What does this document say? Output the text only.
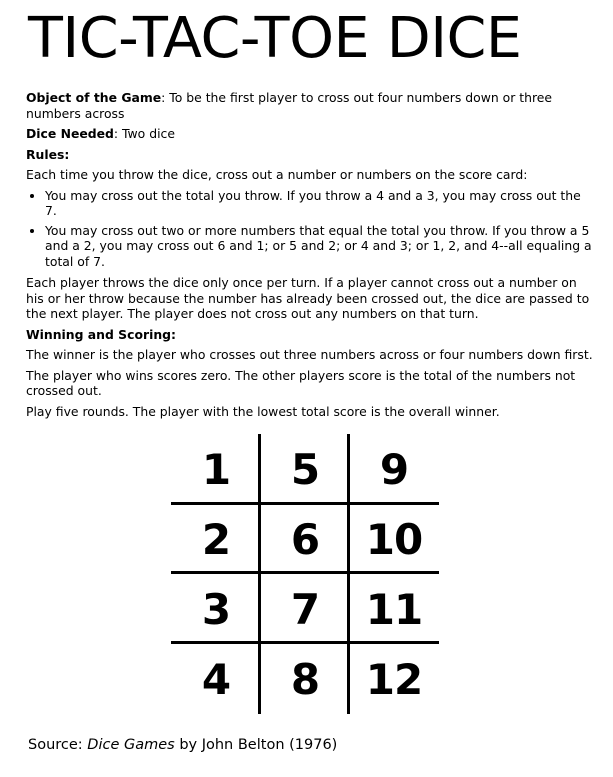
TIC-TAC-TOE DICE

Object of the Game: To be the first player to cross out four numbers down or three numbers across

Dice Needed: Two dice

Rules:

Each time you throw the dice, cross out a number or numbers on the score card:

• You may cross out the total you throw. If you throw a 4 and a 3, you may cross out the 7.
• You may cross out two or more numbers that equal the total you throw. If you throw a 5 and a 2, you may cross out 6 and 1; or 5 and 2; or 4 and 3; or 1, 2, and 4--all equaling a total of 7.

Each player throws the dice only once per turn. If a player cannot cross out a number on his or her throw because the number has already been crossed out, the dice are passed to the next player. The player does not cross out any numbers on that turn.

Winning and Scoring:

The winner is the player who crosses out three numbers across or four numbers down first.

The player who wins scores zero. The other players score is the total of the numbers not crossed out.

Play five rounds. The player with the lowest total score is the overall winner.

1	5	9
2	6	10
3	7	11
4	8	12
Source: Dice Games by John Belton (1976)
